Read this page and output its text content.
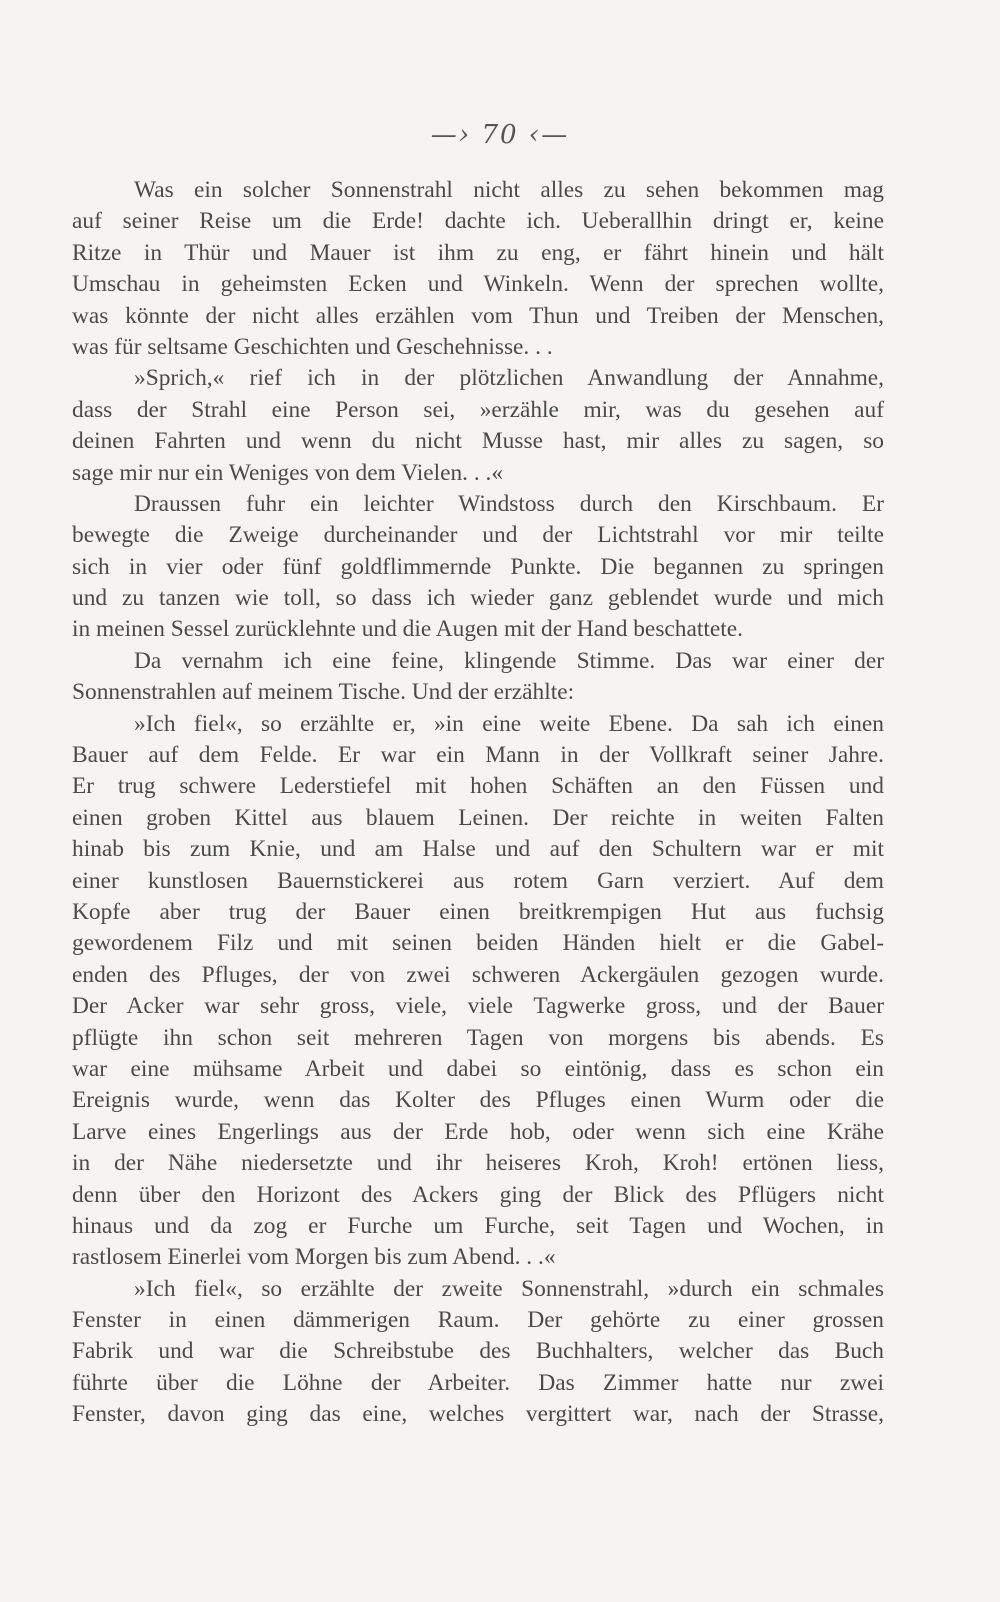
—› 70 ‹—
Was ein solcher Sonnenstrahl nicht alles zu sehen bekommen mag
auf seiner Reise um die Erde! dachte ich. Ueberallhin dringt er, keine
Ritze in Thür und Mauer ist ihm zu eng, er fährt hinein und hält
Umschau in geheimsten Ecken und Winkeln. Wenn der sprechen wollte,
was könnte der nicht alles erzählen vom Thun und Treiben der Menschen,
was für seltsame Geschichten und Geschehnisse. . .
»Sprich,« rief ich in der plötzlichen Anwandlung der Annahme,
dass der Strahl eine Person sei, »erzähle mir, was du gesehen auf
deinen Fahrten und wenn du nicht Musse hast, mir alles zu sagen, so
sage mir nur ein Weniges von dem Vielen. . .«
Draussen fuhr ein leichter Windstoss durch den Kirschbaum. Er
bewegte die Zweige durcheinander und der Lichtstrahl vor mir teilte
sich in vier oder fünf goldflimmernde Punkte. Die begannen zu springen
und zu tanzen wie toll, so dass ich wieder ganz geblendet wurde und mich
in meinen Sessel zurücklehnte und die Augen mit der Hand beschattete.
Da vernahm ich eine feine, klingende Stimme. Das war einer der
Sonnenstrahlen auf meinem Tische. Und der erzählte:
»Ich fiel«, so erzählte er, »in eine weite Ebene. Da sah ich einen
Bauer auf dem Felde. Er war ein Mann in der Vollkraft seiner Jahre.
Er trug schwere Lederstiefel mit hohen Schäften an den Füssen und
einen groben Kittel aus blauem Leinen. Der reichte in weiten Falten
hinab bis zum Knie, und am Halse und auf den Schultern war er mit
einer kunstlosen Bauernstickerei aus rotem Garn verziert. Auf dem
Kopfe aber trug der Bauer einen breitkrempigen Hut aus fuchsig
gewordenem Filz und mit seinen beiden Händen hielt er die Gabel-
enden des Pfluges, der von zwei schweren Ackergäulen gezogen wurde.
Der Acker war sehr gross, viele, viele Tagwerke gross, und der Bauer
pflügte ihn schon seit mehreren Tagen von morgens bis abends. Es
war eine mühsame Arbeit und dabei so eintönig, dass es schon ein
Ereignis wurde, wenn das Kolter des Pfluges einen Wurm oder die
Larve eines Engerlings aus der Erde hob, oder wenn sich eine Krähe
in der Nähe niedersetzte und ihr heiseres Kroh, Kroh! ertönen liess,
denn über den Horizont des Ackers ging der Blick des Pflügers nicht
hinaus und da zog er Furche um Furche, seit Tagen und Wochen, in
rastlosem Einerlei vom Morgen bis zum Abend. . .«
»Ich fiel«, so erzählte der zweite Sonnenstrahl, »durch ein schmales
Fenster in einen dämmerigen Raum. Der gehörte zu einer grossen
Fabrik und war die Schreibstube des Buchhalters, welcher das Buch
führte über die Löhne der Arbeiter. Das Zimmer hatte nur zwei
Fenster, davon ging das eine, welches vergittert war, nach der Strasse,
